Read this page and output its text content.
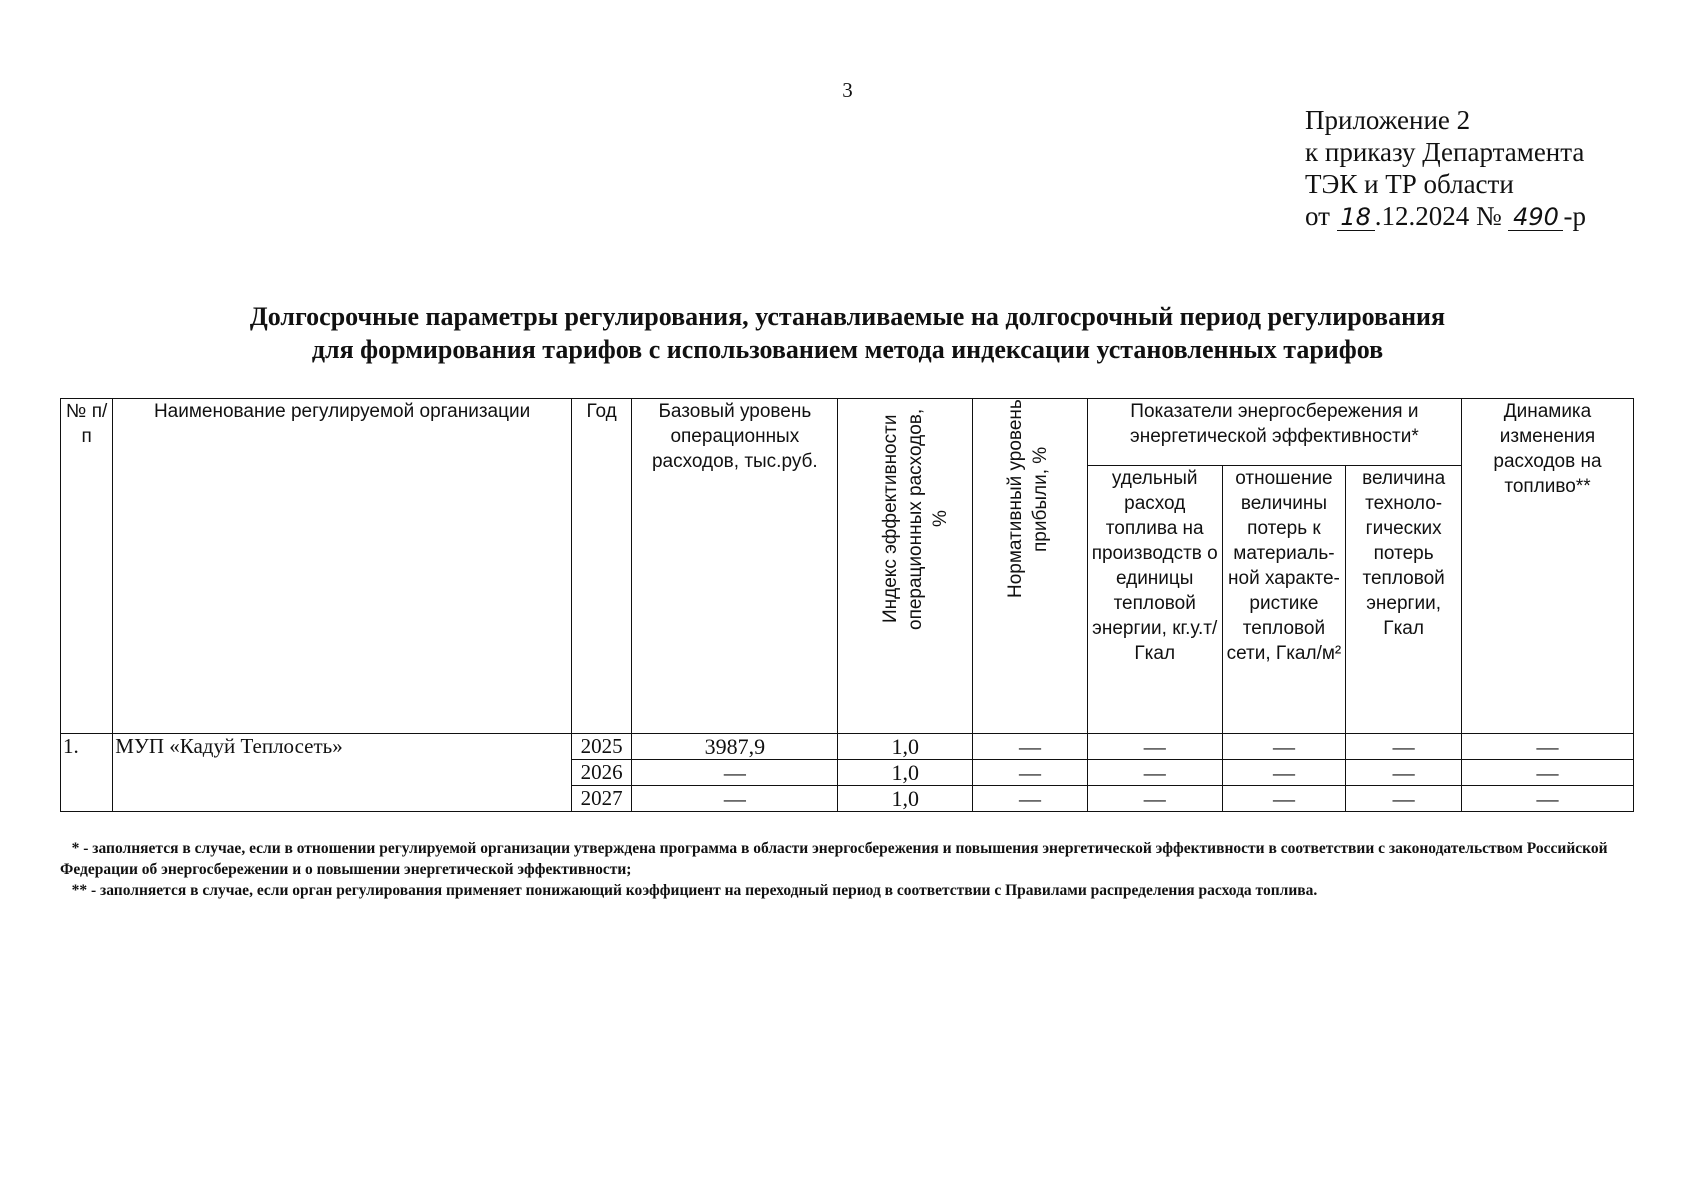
3
Приложение 2
к приказу Департамента
ТЭК и ТР области
от 18 .12.2024 № 490 -р
Долгосрочные параметры регулирования, устанавливаемые на долгосрочный период регулирования
для формирования тарифов с использованием метода индексации установленных тарифов
№ п/п	Наименование регулируемой организации	Год	Базовый уровень операционных расходов, тыс.руб.	Индекс эффективности операционных расходов, %	Нормативный уровень прибыли, %	Показатели энергосбережения и энергетической эффективности*			Динамика изменения расходов на топливо**
						удельный расход топлива на производств о единицы тепловой энергии, кг.у.т/Гкал	отношение величины потерь к материаль-ной характе-ристике тепловой сети, Гкал/м²	величина техноло-гических потерь тепловой энергии, Гкал	
1.	МУП «Кадуй Теплосеть»	2025	3987,9	1,0	—	—	—	—	—
		2026	—	1,0	—	—	—	—	—
		2027	—	1,0	—	—	—	—	—

* - заполняется в случае, если в отношении регулируемой организации утверждена программа в области энергосбережения и повышения энергетической эффективности в соответствии с законодательством Российской Федерации об энергосбережении и о повышении энергетической эффективности;

** - заполняется в случае, если орган регулирования применяет понижающий коэффициент на переходный период в соответствии с Правилами распределения расхода топлива.
